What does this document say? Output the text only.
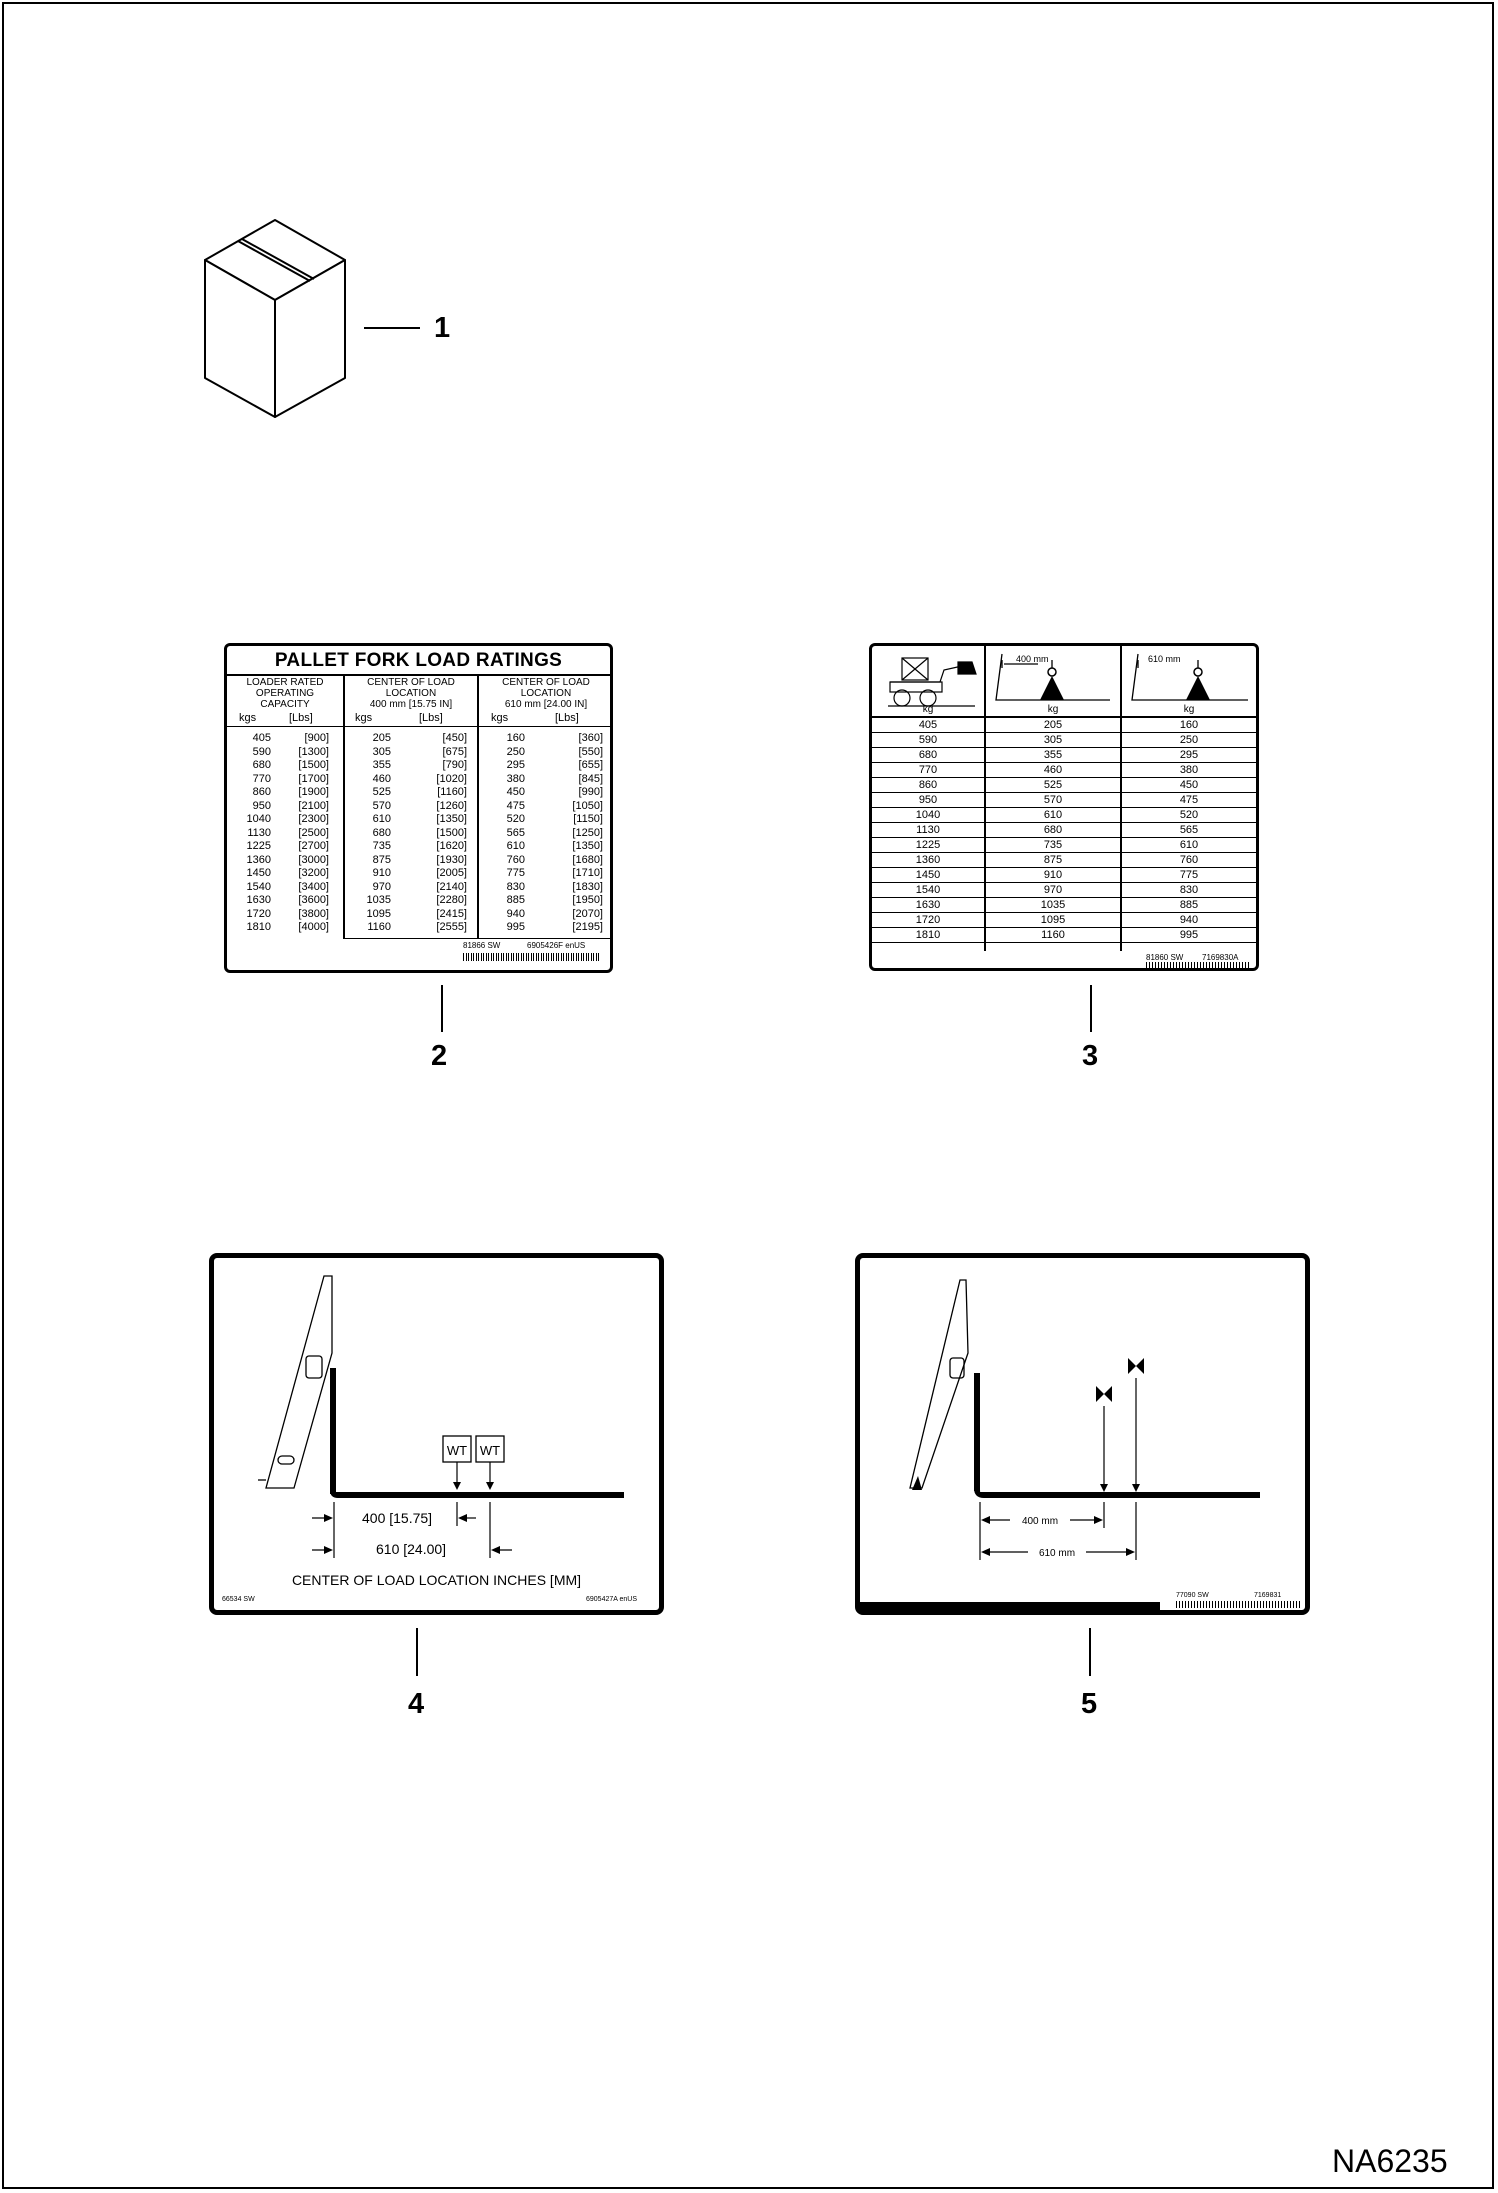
1
PALLET FORK LOAD RATINGS
LOADER RATED
OPERATING
CAPACITY
CENTER OF LOAD
LOCATION
400 mm [15.75 IN]
CENTER OF LOAD
LOCATION
610 mm [24.00 IN]
kgs	[Lbs]	kgs	[Lbs]	kgs	[Lbs]
405	[900]	205	[450]	160	[360]
590	[1300]	305	[675]	250	[550]
680	[1500]	355	[790]	295	[655]
770	[1700]	460	[1020]	380	[845]
860	[1900]	525	[1160]	450	[990]
950	[2100]	570	[1260]	475	[1050]
1040	[2300]	610	[1350]	520	[1150]
1130	[2500]	680	[1500]	565	[1250]
1225	[2700]	735	[1620]	610	[1350]
1360	[3000]	875	[1930]	760	[1680]
1450	[3200]	910	[2005]	775	[1710]
1540	[3400]	970	[2140]	830	[1830]
1630	[3600]	1035	[2280]	885	[1950]
1720	[3800]	1095	[2415]	940	[2070]
1810	[4000]	1160	[2555]	995	[2195]
81866 SW	6905426F enUS
2
400 mm	610 mm
kg	kg	kg
405	205	160
590	305	250
680	355	295
770	460	380
860	525	450
950	570	475
1040	610	520
1130	680	565
1225	735	610
1360	875	760
1450	910	775
1540	970	830
1630	1035	885
1720	1095	940
1810	1160	995
81860 SW 7169830A
3
WT WT
400 [15.75]
610 [24.00]
CENTER OF LOAD LOCATION INCHES [MM]
66534 SW	6905427A enUS
4
400 mm
610 mm
77090 SW	7169831
5
NA6235
